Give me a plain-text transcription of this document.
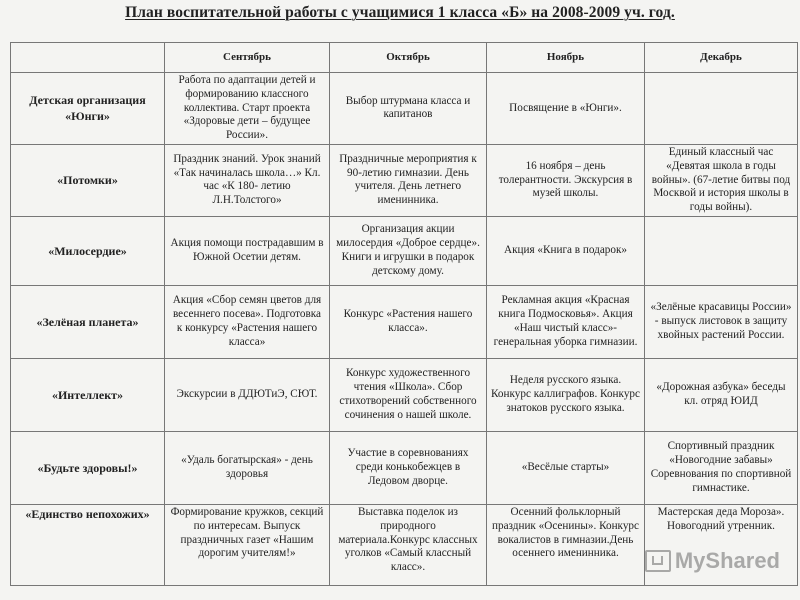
План воспитательной работы с учащимися 1 класса «Б» на 2008-2009 уч. год.
	Сентябрь	Октябрь	Ноябрь	Декабрь
Детская организация «Юнги»	Работа по адаптации детей и формированию классного коллектива. Старт проекта «Здоровые дети – будущее России».	Выбор штурмана класса и капитанов	Посвящение в «Юнги».	
«Потомки»	Праздник знаний. Урок знаний «Так начиналась школа…» Кл. час «К 180- летию Л.Н.Толстого»	Праздничные мероприятия к 90-летию гимназии. День учителя. День летнего именинника.	16 ноября – день толерантности. Экскурсия в музей школы.	Единый классный час «Девятая школа в годы войны». (67-летие битвы под Москвой и история школы в годы войны).
«Милосердие»	Акция помощи пострадавшим в Южной Осетии детям.	Организация акции милосердия «Доброе сердце». Книги и игрушки в подарок детскому дому.	Акция «Книга в подарок»	
«Зелёная планета»	Акция «Сбор семян цветов для весеннего посева». Подготовка к конкурсу «Растения нашего класса»	Конкурс «Растения нашего класса».	Рекламная акция «Красная книга Подмосковья». Акция «Наш чистый класс»- генеральная уборка гимназии.	«Зелёные красавицы России» - выпуск листовок в защиту хвойных растений России.
«Интеллект»	Экскурсии в ДДЮТиЭ, СЮТ.	Конкурс художественного чтения «Школа». Сбор стихотворений собственного сочинения о нашей школе.	Неделя русского языка. Конкурс каллиграфов. Конкурс знатоков русского языка.	«Дорожная азбука» беседы кл. отряд ЮИД
«Будьте здоровы!»	«Удаль богатырская» - день здоровья	Участие в соревнованиях среди конькобежцев в Ледовом дворце.	«Весёлые старты»	Спортивный праздник «Новогодние забавы» Соревнования по спортивной гимнастике.
«Единство непохожих»	Формирование кружков, секций по интересам. Выпуск праздничных газет «Нашим дорогим учителям!»	Выставка поделок из природного материала.Конкурс классных уголков «Самый классный класс».	Осенний фольклорный праздник «Осенины». Конкурс вокалистов в гимназии.День осеннего именинника.	Мастерская деда Мороза». Новогодний утренник.
MyShared
